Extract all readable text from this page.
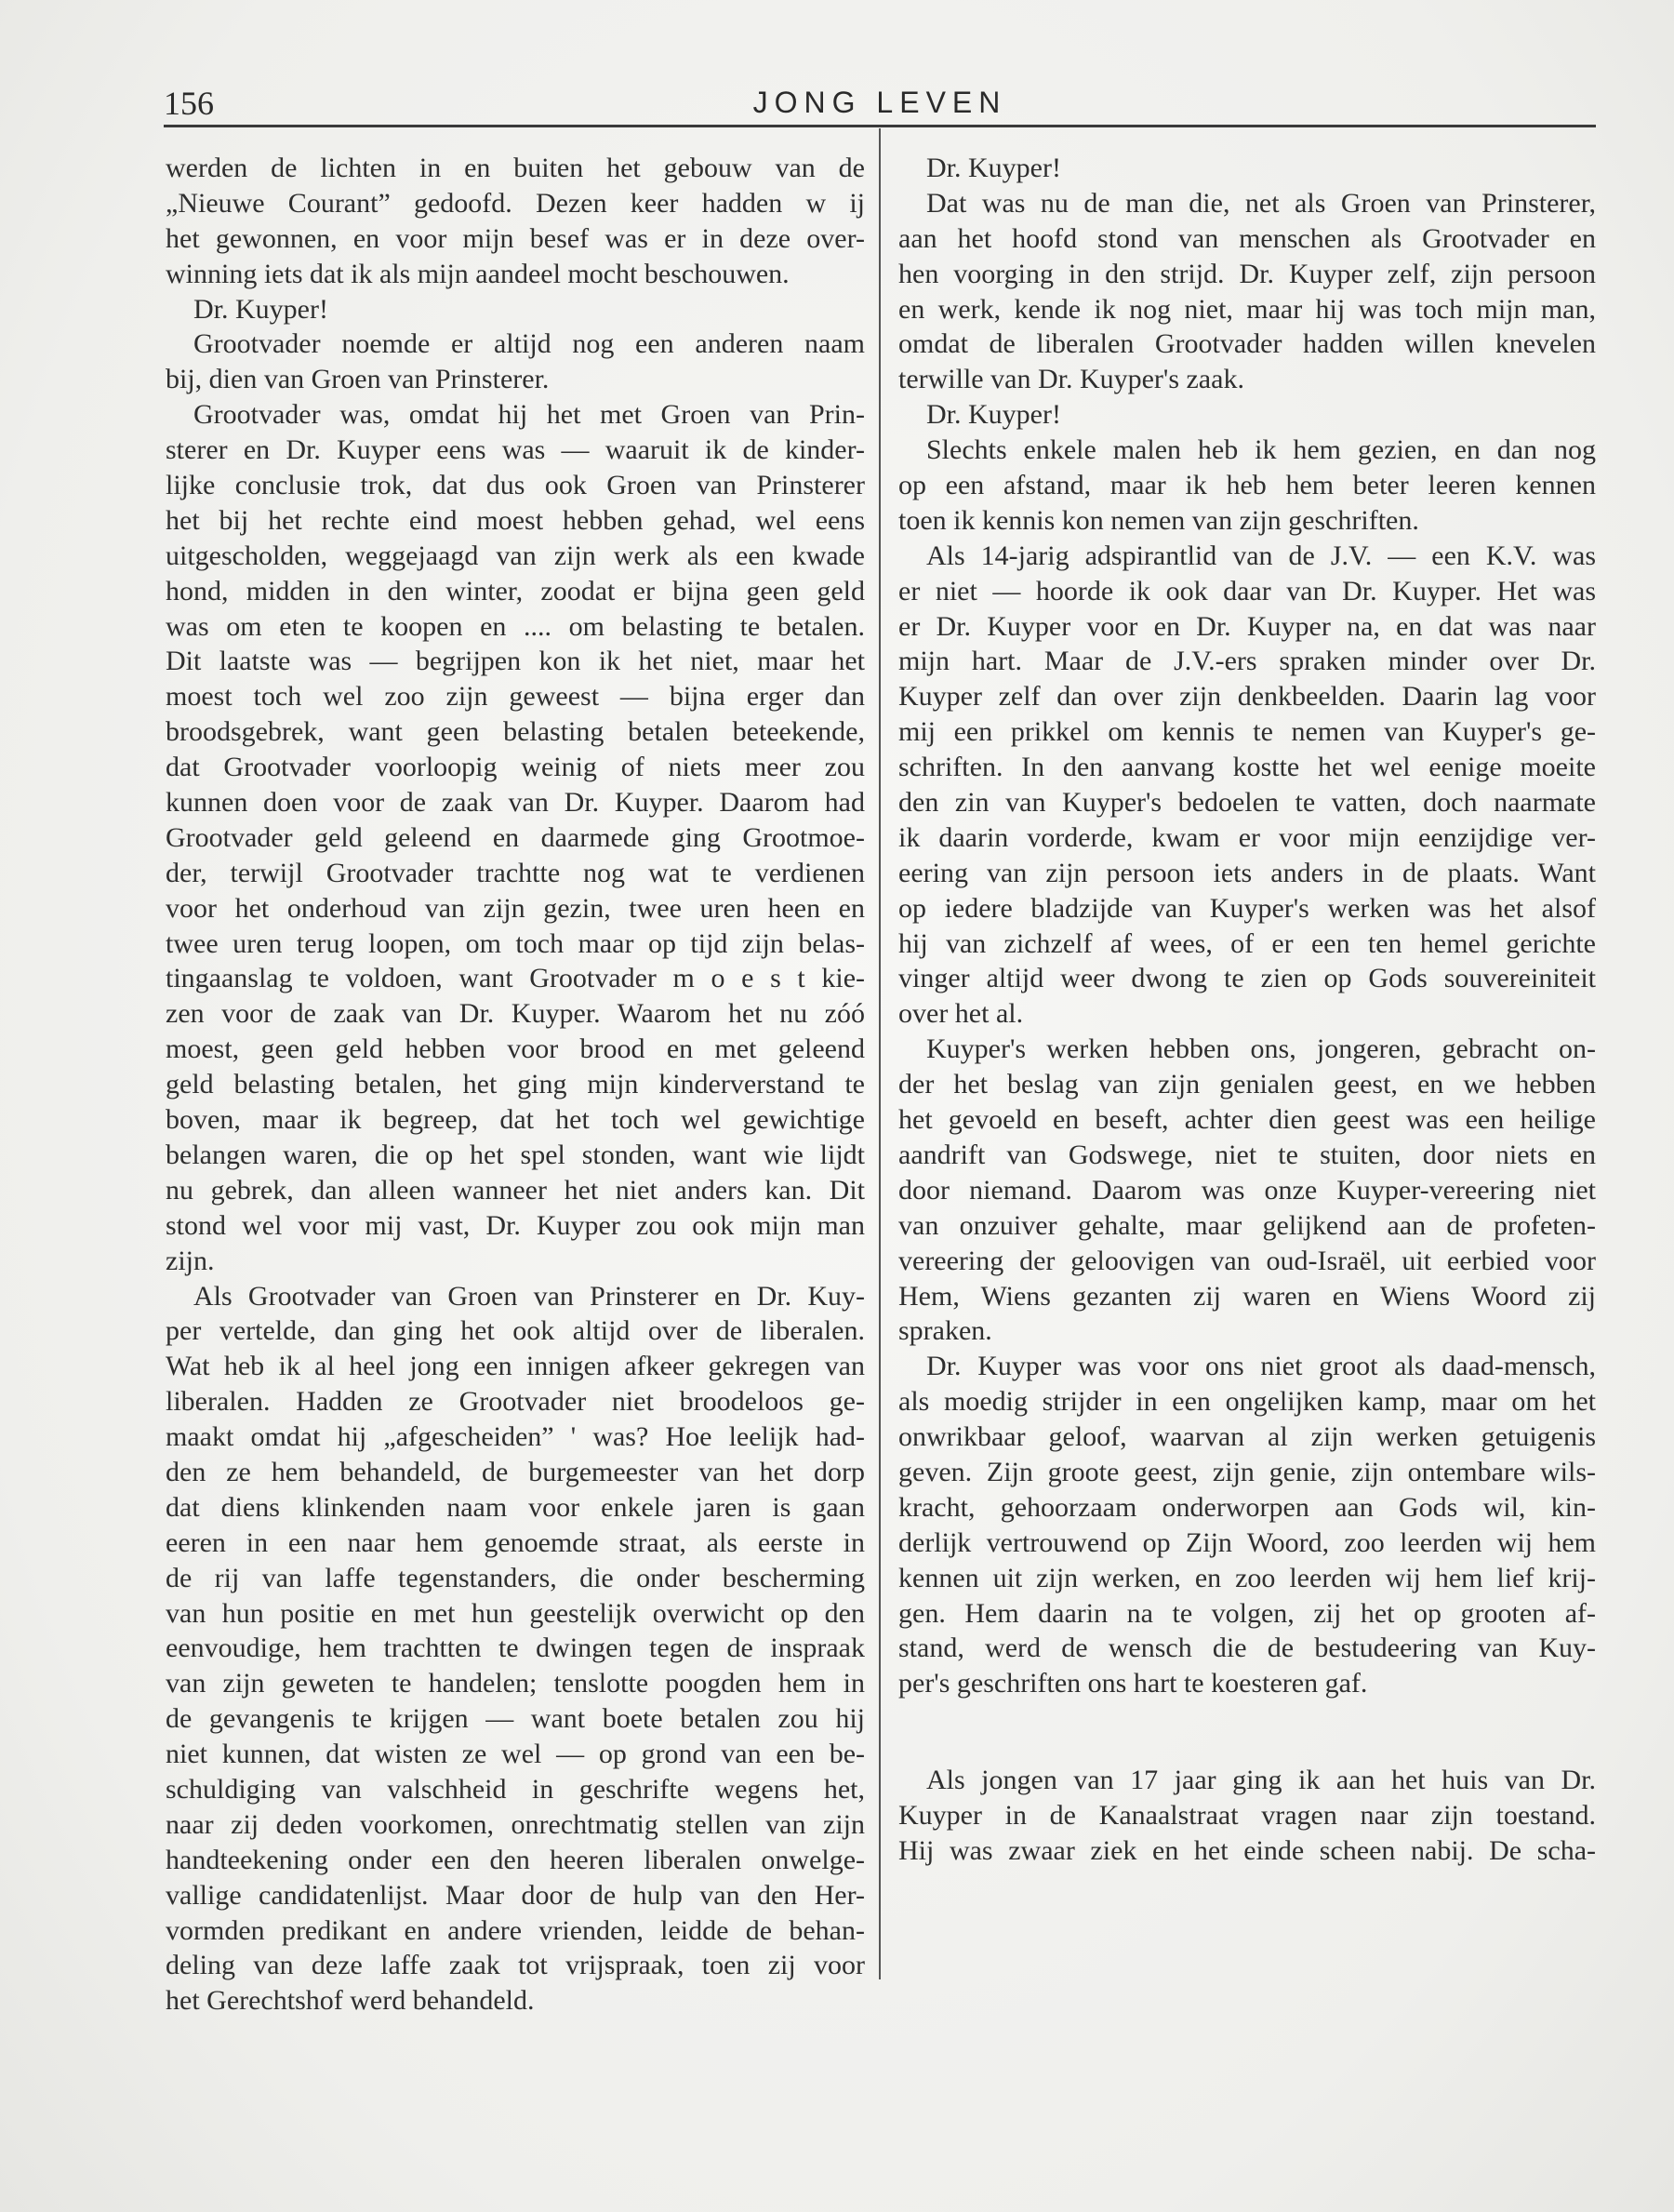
156	JONG LEVEN
werden de lichten in en buiten het gebouw van de
„Nieuwe Courant” gedoofd. Dezen keer hadden w ij
het gewonnen, en voor mijn besef was er in deze over-
winning iets dat ik als mijn aandeel mocht beschouwen.
Dr. Kuyper!
Grootvader noemde er altijd nog een anderen naam
bij, dien van Groen van Prinsterer.
Grootvader was, omdat hij het met Groen van Prin-
sterer en Dr. Kuyper eens was — waaruit ik de kinder-
lijke conclusie trok, dat dus ook Groen van Prinsterer
het bij het rechte eind moest hebben gehad, wel eens
uitgescholden, weggejaagd van zijn werk als een kwade
hond, midden in den winter, zoodat er bijna geen geld
was om eten te koopen en .... om belasting te betalen.
Dit laatste was — begrijpen kon ik het niet, maar het
moest toch wel zoo zijn geweest — bijna erger dan
broodsgebrek, want geen belasting betalen beteekende,
dat Grootvader voorloopig weinig of niets meer zou
kunnen doen voor de zaak van Dr. Kuyper. Daarom had
Grootvader geld geleend en daarmede ging Grootmoe-
der, terwijl Grootvader trachtte nog wat te verdienen
voor het onderhoud van zijn gezin, twee uren heen en
twee uren terug loopen, om toch maar op tijd zijn belas-
tingaanslag te voldoen, want Grootvader m o e s t kie-
zen voor de zaak van Dr. Kuyper. Waarom het nu zóó
moest, geen geld hebben voor brood en met geleend
geld belasting betalen, het ging mijn kinderverstand te
boven, maar ik begreep, dat het toch wel gewichtige
belangen waren, die op het spel stonden, want wie lijdt
nu gebrek, dan alleen wanneer het niet anders kan. Dit
stond wel voor mij vast, Dr. Kuyper zou ook mijn man
zijn.
Als Grootvader van Groen van Prinsterer en Dr. Kuy-
per vertelde, dan ging het ook altijd over de liberalen.
Wat heb ik al heel jong een innigen afkeer gekregen van
liberalen. Hadden ze Grootvader niet broodeloos ge-
maakt omdat hij „afgescheiden” ' was? Hoe leelijk had-
den ze hem behandeld, de burgemeester van het dorp
dat diens klinkenden naam voor enkele jaren is gaan
eeren in een naar hem genoemde straat, als eerste in
de rij van laffe tegenstanders, die onder bescherming
van hun positie en met hun geestelijk overwicht op den
eenvoudige, hem trachtten te dwingen tegen de inspraak
van zijn geweten te handelen; tenslotte poogden hem in
de gevangenis te krijgen — want boete betalen zou hij
niet kunnen, dat wisten ze wel — op grond van een be-
schuldiging van valschheid in geschrifte wegens het,
naar zij deden voorkomen, onrechtmatig stellen van zijn
handteekening onder een den heeren liberalen onwelge-
vallige candidatenlijst. Maar door de hulp van den Her-
vormden predikant en andere vrienden, leidde de behan-
deling van deze laffe zaak tot vrijspraak, toen zij voor
het Gerechtshof werd behandeld.
Dr. Kuyper!
Dat was nu de man die, net als Groen van Prinsterer,
aan het hoofd stond van menschen als Grootvader en
hen voorging in den strijd. Dr. Kuyper zelf, zijn persoon
en werk, kende ik nog niet, maar hij was toch mijn man,
omdat de liberalen Grootvader hadden willen knevelen
terwille van Dr. Kuyper's zaak.
Dr. Kuyper!
Slechts enkele malen heb ik hem gezien, en dan nog
op een afstand, maar ik heb hem beter leeren kennen
toen ik kennis kon nemen van zijn geschriften.
Als 14-jarig adspirantlid van de J.V. — een K.V. was
er niet — hoorde ik ook daar van Dr. Kuyper. Het was
er Dr. Kuyper voor en Dr. Kuyper na, en dat was naar
mijn hart. Maar de J.V.-ers spraken minder over Dr.
Kuyper zelf dan over zijn denkbeelden. Daarin lag voor
mij een prikkel om kennis te nemen van Kuyper's ge-
schriften. In den aanvang kostte het wel eenige moeite
den zin van Kuyper's bedoelen te vatten, doch naarmate
ik daarin vorderde, kwam er voor mijn eenzijdige ver-
eering van zijn persoon iets anders in de plaats. Want
op iedere bladzijde van Kuyper's werken was het alsof
hij van zichzelf af wees, of er een ten hemel gerichte
vinger altijd weer dwong te zien op Gods souvereiniteit
over het al.
Kuyper's werken hebben ons, jongeren, gebracht on-
der het beslag van zijn genialen geest, en we hebben
het gevoeld en beseft, achter dien geest was een heilige
aandrift van Godswege, niet te stuiten, door niets en
door niemand. Daarom was onze Kuyper-vereering niet
van onzuiver gehalte, maar gelijkend aan de profeten-
vereering der geloovigen van oud-Israël, uit eerbied voor
Hem, Wiens gezanten zij waren en Wiens Woord zij
spraken.
Dr. Kuyper was voor ons niet groot als daad-mensch,
als moedig strijder in een ongelijken kamp, maar om het
onwrikbaar geloof, waarvan al zijn werken getuigenis
geven. Zijn groote geest, zijn genie, zijn ontembare wils-
kracht, gehoorzaam onderworpen aan Gods wil, kin-
derlijk vertrouwend op Zijn Woord, zoo leerden wij hem
kennen uit zijn werken, en zoo leerden wij hem lief krij-
gen. Hem daarin na te volgen, zij het op grooten af-
stand, werd de wensch die de bestudeering van Kuy-
per's geschriften ons hart te koesteren gaf.
Als jongen van 17 jaar ging ik aan het huis van Dr.
Kuyper in de Kanaalstraat vragen naar zijn toestand.
Hij was zwaar ziek en het einde scheen nabij. De scha-
